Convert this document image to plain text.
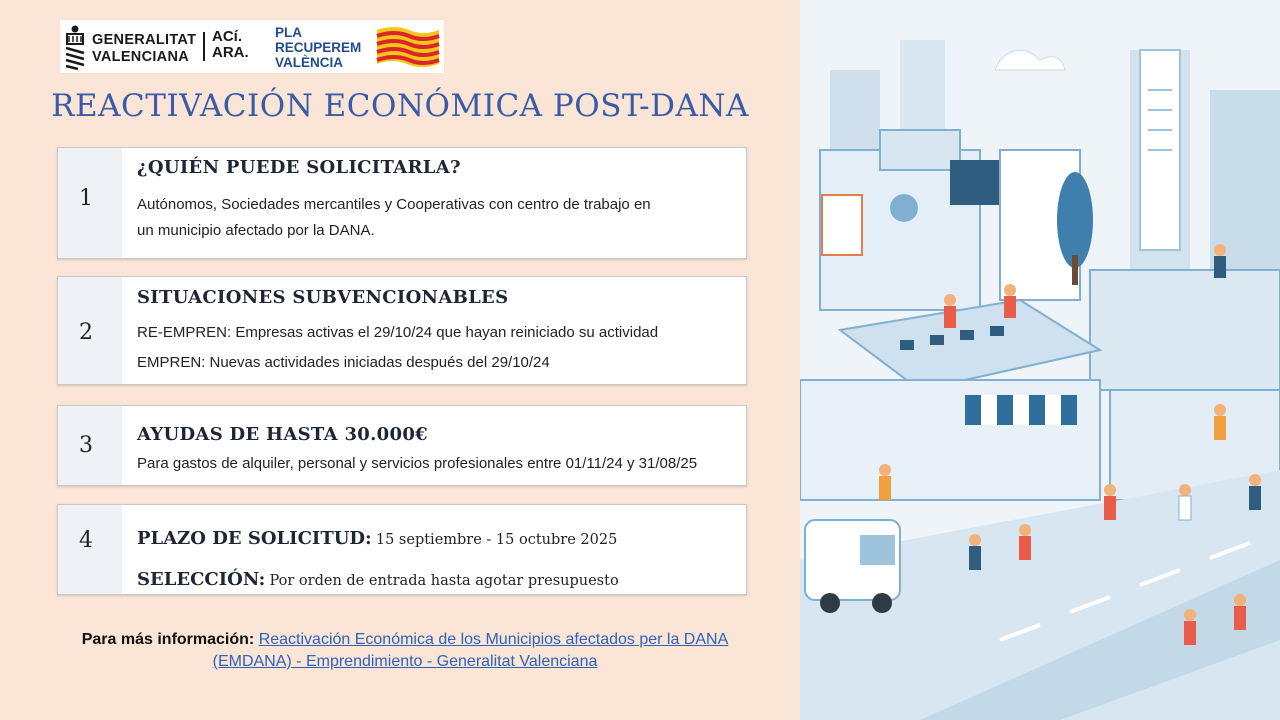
GENERALITAT
VALENCIANA
ACí.
ARA.
PLA
RECUPEREM
VALÈNCIA
REACTIVACIÓN ECONÓMICA POST-DANA
1
¿QUIÉN PUEDE SOLICITARLA?
Autónomos, Sociedades mercantiles y Cooperativas con centro de trabajo en
un municipio afectado por la DANA.
2
SITUACIONES SUBVENCIONABLES
RE-EMPREN: Empresas activas el 29/10/24 que hayan reiniciado su actividad
EMPREN: Nuevas actividades iniciadas después del 29/10/24
3	AYUDAS DE HASTA 30.000€
Para gastos de alquiler, personal y servicios profesionales entre 01/11/24 y 31/08/25
4	PLAZO DE SOLICITUD: 15 septiembre - 15 octubre 2025
SELECCIÓN: Por orden de entrada hasta agotar presupuesto
Para más información: Reactivación Económica de los Municipios afectados per la DANA (EMDANA) - Emprendimiento - Generalitat Valenciana
